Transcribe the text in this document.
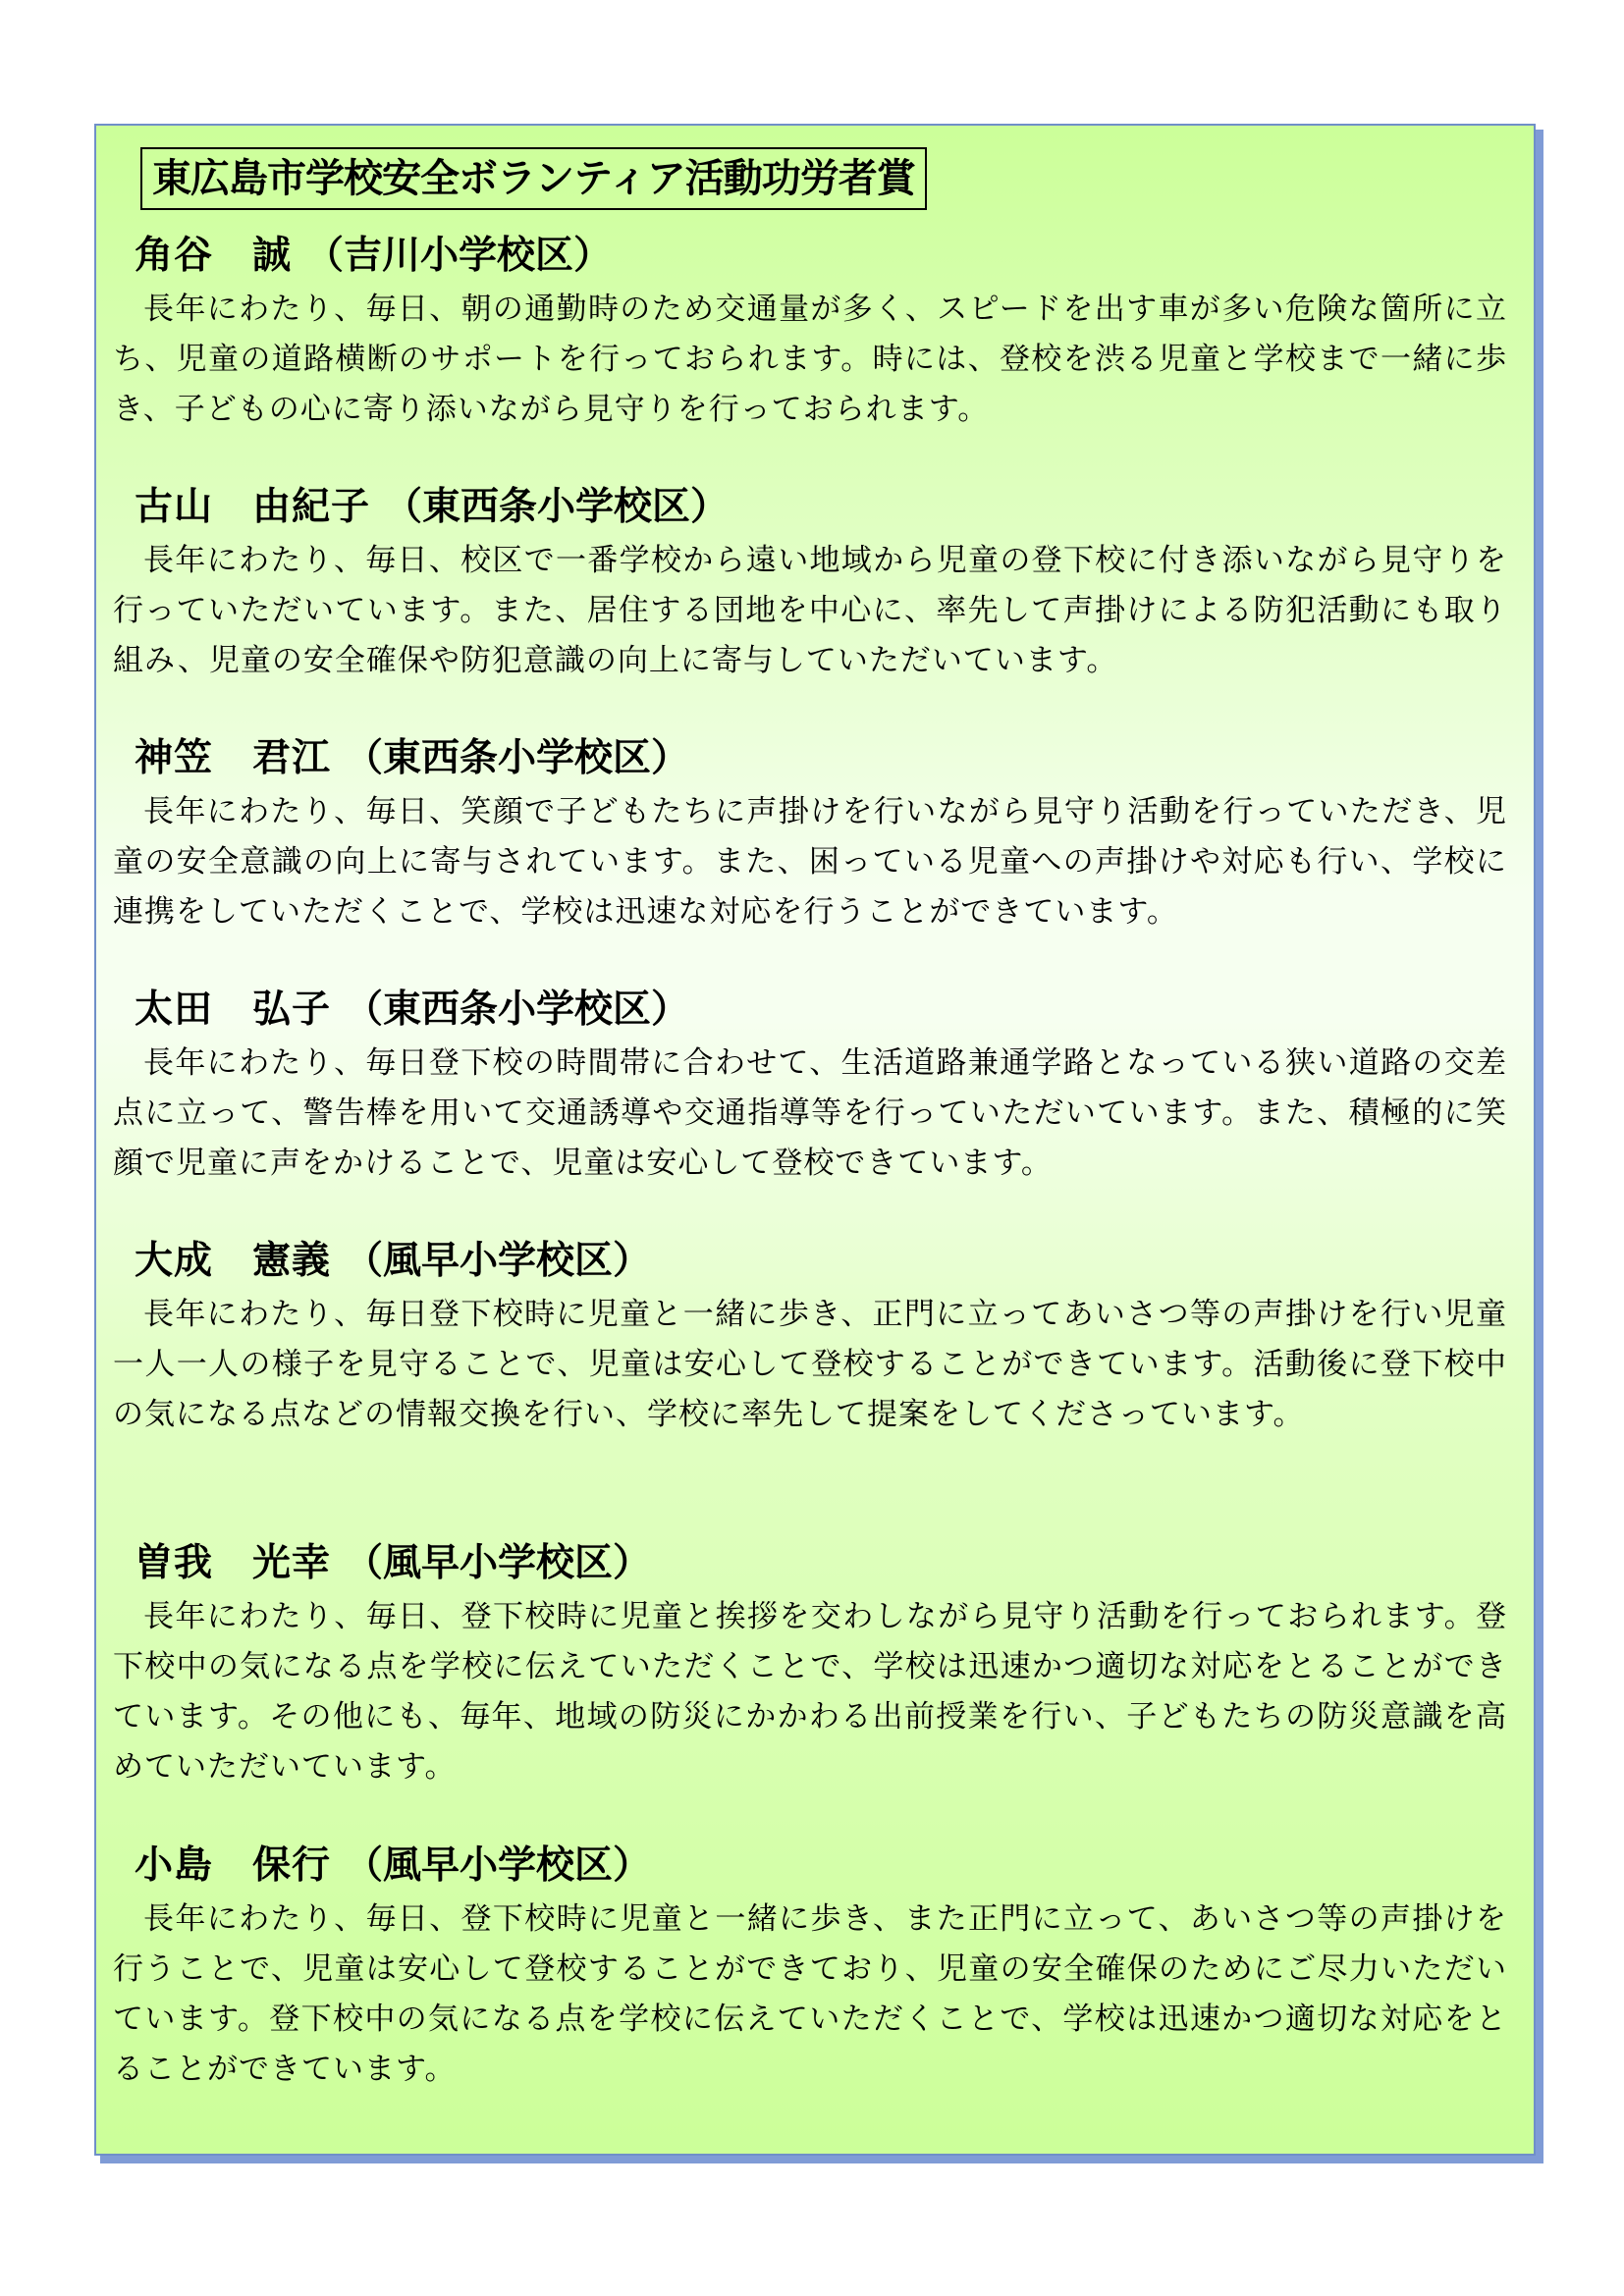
東広島市学校安全ボランティア活動功労者賞
角谷　誠 （吉川小学校区）

長年にわたり、毎日、朝の通勤時のため交通量が多く、スピードを出す車が多い危険な箇所に立ち、児童の道路横断のサポートを行っておられます。時には、登校を渋る児童と学校まで一緒に歩き、子どもの心に寄り添いながら見守りを行っておられます。

古山　由紀子 （東西条小学校区）

長年にわたり、毎日、校区で一番学校から遠い地域から児童の登下校に付き添いながら見守りを行っていただいています。また、居住する団地を中心に、率先して声掛けによる防犯活動にも取り組み、児童の安全確保や防犯意識の向上に寄与していただいています。

神笠　君江 （東西条小学校区）

長年にわたり、毎日、笑顔で子どもたちに声掛けを行いながら見守り活動を行っていただき、児童の安全意識の向上に寄与されています。また、困っている児童への声掛けや対応も行い、学校に連携をしていただくことで、学校は迅速な対応を行うことができています。

太田　弘子 （東西条小学校区）

長年にわたり、毎日登下校の時間帯に合わせて、生活道路兼通学路となっている狭い道路の交差点に立って、警告棒を用いて交通誘導や交通指導等を行っていただいています。また、積極的に笑顔で児童に声をかけることで、児童は安心して登校できています。

大成　憲義 （風早小学校区）

長年にわたり、毎日登下校時に児童と一緒に歩き、正門に立ってあいさつ等の声掛けを行い児童一人一人の様子を見守ることで、児童は安心して登校することができています。活動後に登下校中の気になる点などの情報交換を行い、学校に率先して提案をしてくださっています。

曽我　光幸 （風早小学校区）

長年にわたり、毎日、登下校時に児童と挨拶を交わしながら見守り活動を行っておられます。登下校中の気になる点を学校に伝えていただくことで、学校は迅速かつ適切な対応をとることができています。その他にも、毎年、地域の防災にかかわる出前授業を行い、子どもたちの防災意識を高めていただいています。

小島　保行 （風早小学校区）

長年にわたり、毎日、登下校時に児童と一緒に歩き、また正門に立って、あいさつ等の声掛けを行うことで、児童は安心して登校することができており、児童の安全確保のためにご尽力いただいています。登下校中の気になる点を学校に伝えていただくことで、学校は迅速かつ適切な対応をとることができています。
